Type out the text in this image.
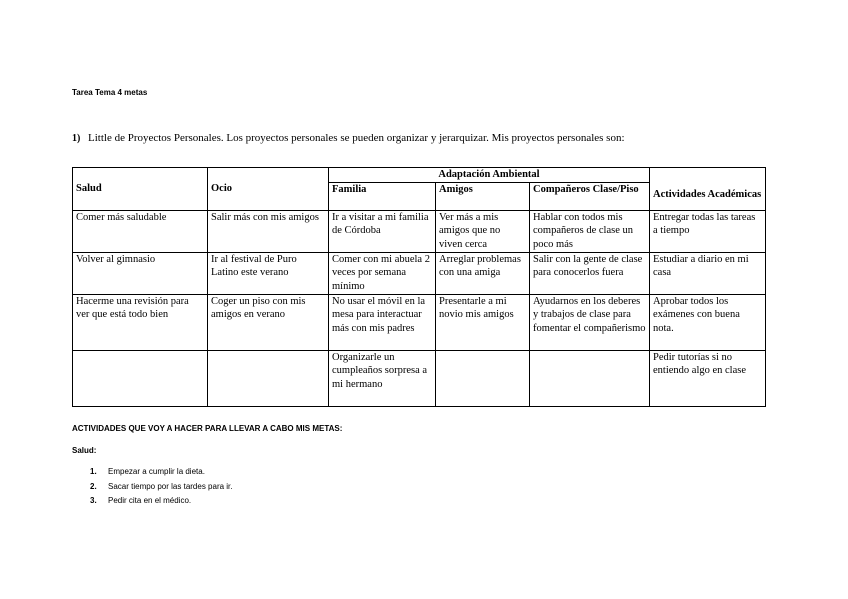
Tarea Tema 4 metas
1) Little de Proyectos Personales. Los proyectos personales se pueden organizar y jerarquizar. Mis proyectos personales son:
Salud	Ocio	Adaptación Ambiental			Actividades Académicas
		Familia	Amigos	Compañeros Clase/Piso	
Comer más saludable	Salir más con mis amigos	Ir a visitar a mi familia de Córdoba	Ver más a mis amigos que no viven cerca	Hablar con todos mis compañeros de clase un poco más	Entregar todas las tareas a tiempo
Volver al gimnasio	Ir al festival de Puro Latino este verano	Comer con mi abuela 2 veces por semana mínimo	Arreglar problemas con una amiga	Salir con la gente de clase para conocerlos fuera	Estudiar a diario en mi casa
Hacerme una revisión para ver que está todo bien	Coger un piso con mis amigos en verano	No usar el móvil en la mesa para interactuar más con mis padres	Presentarle a mi novio mis amigos	Ayudarnos en los deberes y trabajos de clase para fomentar el compañerismo	Aprobar todos los exámenes con buena nota.
		Organizarle un cumpleaños sorpresa a mi hermano			Pedir tutorías si no entiendo algo en clase
ACTIVIDADES QUE VOY A HACER PARA LLEVAR A CABO MIS METAS:
Salud:
1. Empezar a cumplir la dieta.
2. Sacar tiempo por las tardes para ir.
3. Pedir cita en el médico.
